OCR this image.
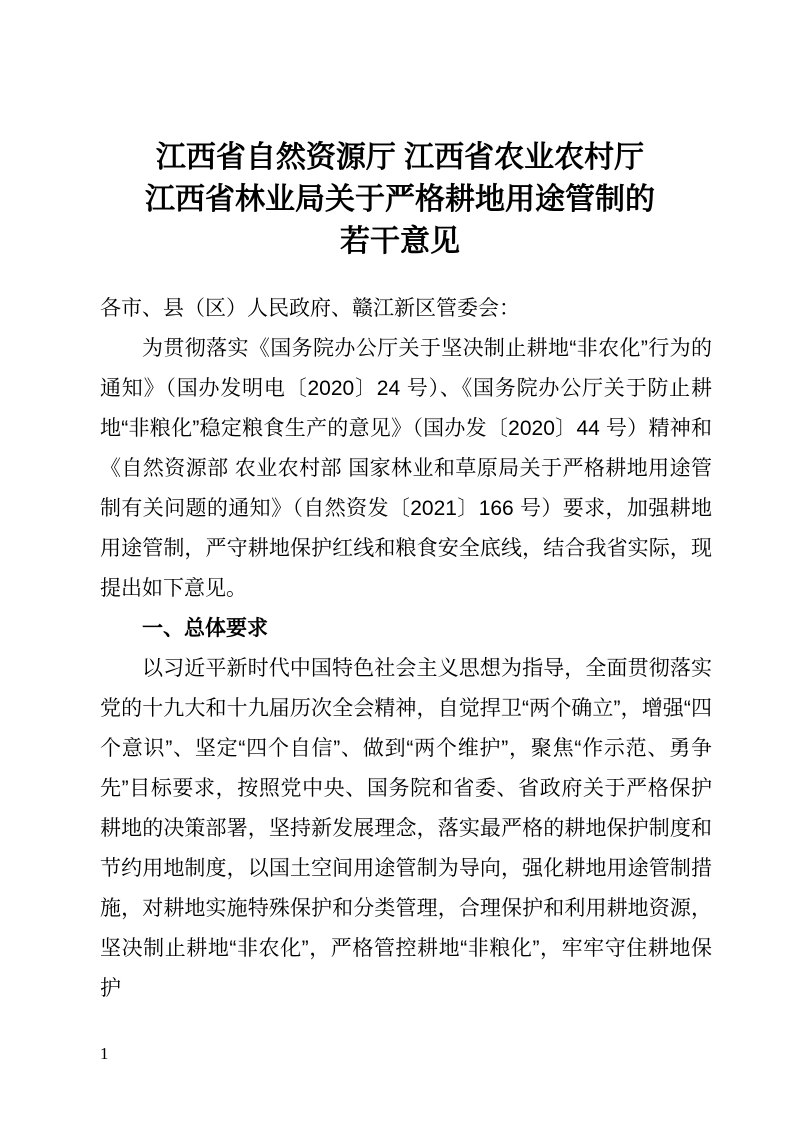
江西省自然资源厅 江西省农业农村厅
江西省林业局关于严格耕地用途管制的
若干意见

各市、县（区）人民政府、赣江新区管委会：

为贯彻落实《国务院办公厅关于坚决制止耕地“非农化”行为的通知》（国办发明电〔2020〕24 号）、《国务院办公厅关于防止耕地“非粮化”稳定粮食生产的意见》（国办发〔2020〕44 号）精神和《自然资源部 农业农村部 国家林业和草原局关于严格耕地用途管制有关问题的通知》（自然资发〔2021〕166 号）要求，加强耕地用途管制，严守耕地保护红线和粮食安全底线，结合我省实际，现提出如下意见。

一、总体要求

以习近平新时代中国特色社会主义思想为指导，全面贯彻落实党的十九大和十九届历次全会精神，自觉捍卫“两个确立”，增强“四个意识”、坚定“四个自信”、做到“两个维护”，聚焦“作示范、勇争先”目标要求，按照党中央、国务院和省委、省政府关于严格保护耕地的决策部署，坚持新发展理念，落实最严格的耕地保护制度和节约用地制度，以国土空间用途管制为导向，强化耕地用途管制措施，对耕地实施特殊保护和分类管理，合理保护和利用耕地资源，坚决制止耕地“非农化”，严格管控耕地“非粮化”，牢牢守住耕地保护

1
